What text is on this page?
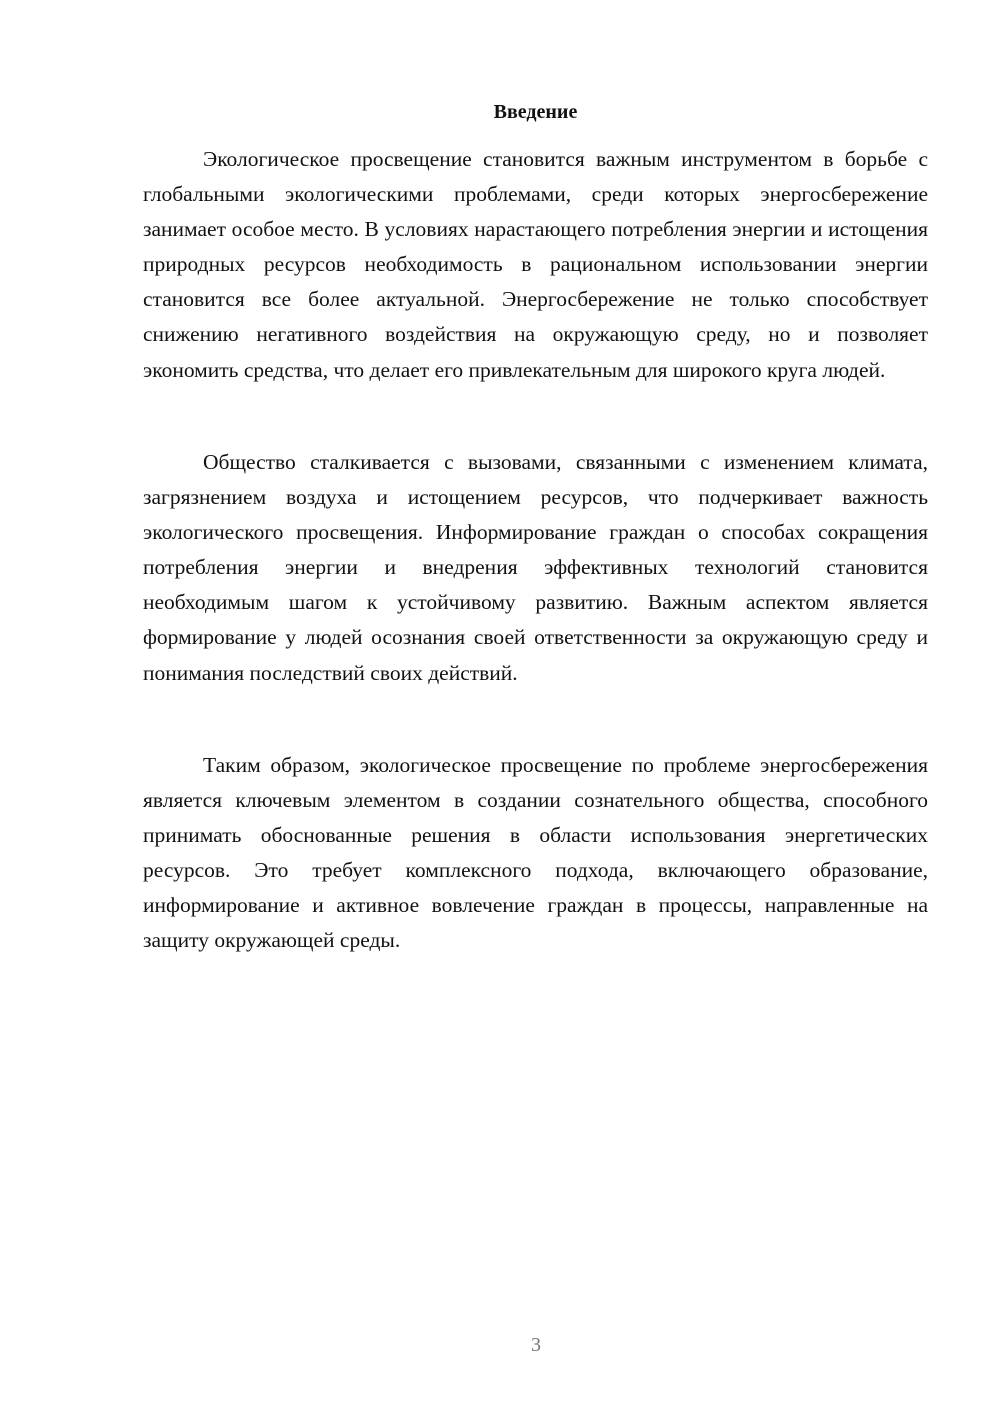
Введение

Экологическое просвещение становится важным инструментом в борьбе с глобальными экологическими проблемами, среди которых энергосбережение занимает особое место. В условиях нарастающего потребления энергии и истощения природных ресурсов необходимость в рациональном использовании энергии становится все более актуальной. Энергосбережение не только способствует снижению негативного воздействия на окружающую среду, но и позволяет экономить средства, что делает его привлекательным для широкого круга людей.

Общество сталкивается с вызовами, связанными с изменением климата, загрязнением воздуха и истощением ресурсов, что подчеркивает важность экологического просвещения. Информирование граждан о способах сокращения потребления энергии и внедрения эффективных технологий становится необходимым шагом к устойчивому развитию. Важным аспектом является формирование у людей осознания своей ответственности за окружающую среду и понимания последствий своих действий.

Таким образом, экологическое просвещение по проблеме энергосбережения является ключевым элементом в создании сознательного общества, способного принимать обоснованные решения в области использования энергетических ресурсов. Это требует комплексного подхода, включающего образование, информирование и активное вовлечение граждан в процессы, направленные на защиту окружающей среды.

3
